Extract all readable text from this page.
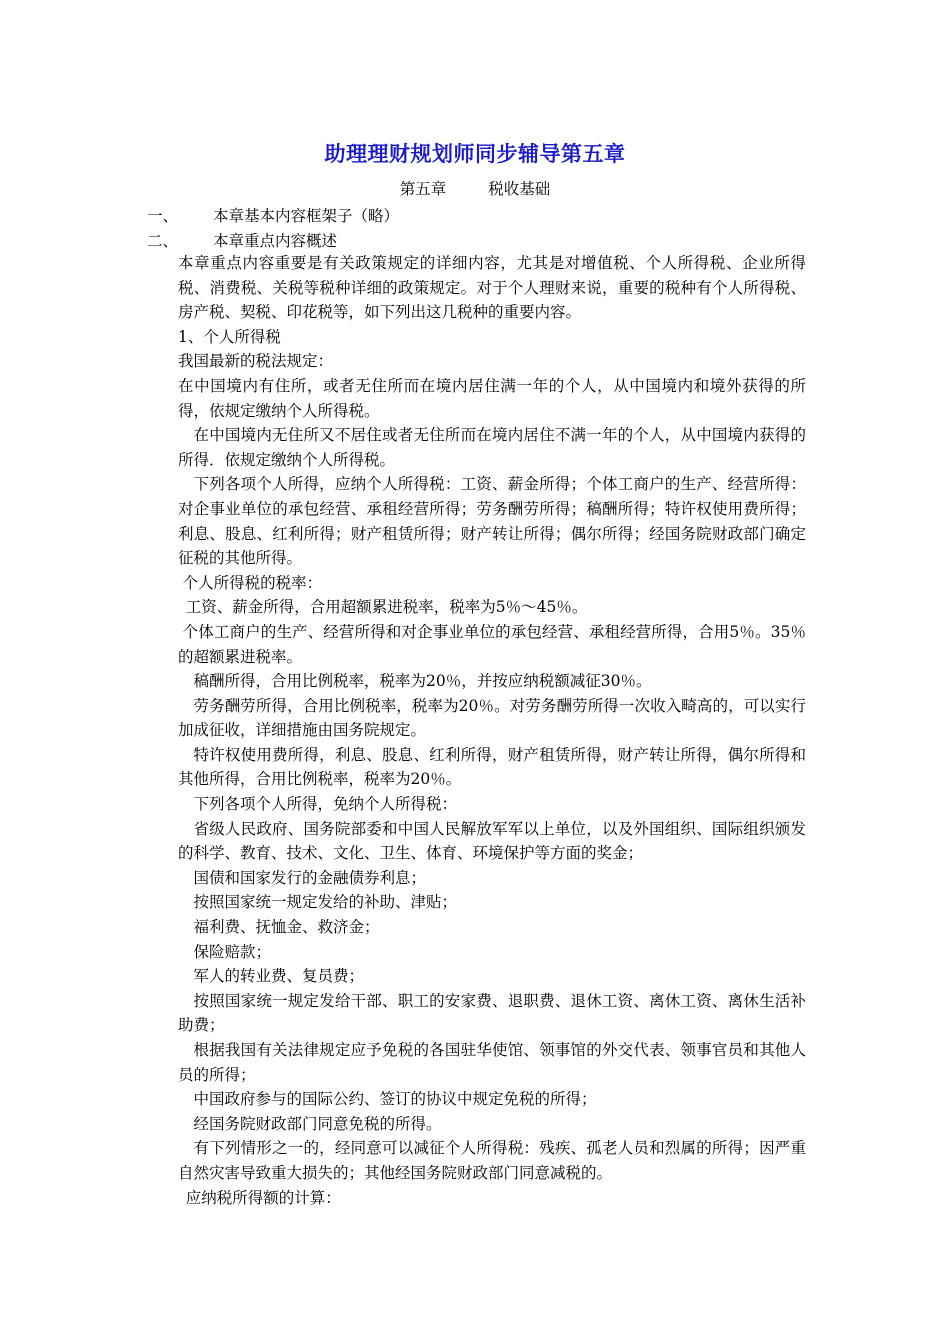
助理理财规划师同步辅导第五章
第五章	税收基础
一、 本章基本内容框架子（略）
二、 本章重点内容概述

本章重点内容重要是有关政策规定的详细内容，尤其是对增值税、个人所得税、企业所得税、消费税、关税等税种详细的政策规定。对于个人理财来说，重要的税种有个人所得税、房产税、契税、印花税等，如下列出这几税种的重要内容。

1、个人所得税

我国最新的税法规定：

在中国境内有住所，或者无住所而在境内居住满一年的个人，从中国境内和境外获得的所得，依规定缴纳个人所得税。

在中国境内无住所又不居住或者无住所而在境内居住不满一年的个人，从中国境内获得的所得．依规定缴纳个人所得税。

下列各项个人所得，应纳个人所得税：工资、薪金所得；个体工商户的生产、经营所得：对企事业单位的承包经营、承租经营所得；劳务酬劳所得；稿酬所得；特许权使用费所得；利息、股息、红利所得；财产租赁所得；财产转让所得；偶尔所得；经国务院财政部门确定征税的其他所得。

个人所得税的税率：

工资、薪金所得，合用超额累进税率，税率为5％～45％。

个体工商户的生产、经营所得和对企事业单位的承包经营、承租经营所得，合用5％。35％的超额累进税率。

稿酬所得，合用比例税率，税率为20％，并按应纳税额减征30％。

劳务酬劳所得，合用比例税率，税率为20％。对劳务酬劳所得一次收入畸高的，可以实行加成征收，详细措施由国务院规定。

特许权使用费所得，利息、股息、红利所得，财产租赁所得，财产转让所得，偶尔所得和其他所得，合用比例税率，税率为20％。

下列各项个人所得，免纳个人所得税：

省级人民政府、国务院部委和中国人民解放军军以上单位，以及外国组织、国际组织颁发的科学、教育、技术、文化、卫生、体育、环境保护等方面的奖金；

国债和国家发行的金融债券利息；

按照国家统一规定发给的补助、津贴；

福利费、抚恤金、救济金；

保险赔款；

军人的转业费、复员费；

按照国家统一规定发给干部、职工的安家费、退职费、退休工资、离休工资、离休生活补助费；

根据我国有关法律规定应予免税的各国驻华使馆、领事馆的外交代表、领事官员和其他人员的所得；

中国政府参与的国际公约、签订的协议中规定免税的所得；

经国务院财政部门同意免税的所得。

有下列情形之一的，经同意可以减征个人所得税：残疾、孤老人员和烈属的所得；因严重自然灾害导致重大损失的；其他经国务院财政部门同意减税的。

应纳税所得额的计算：
